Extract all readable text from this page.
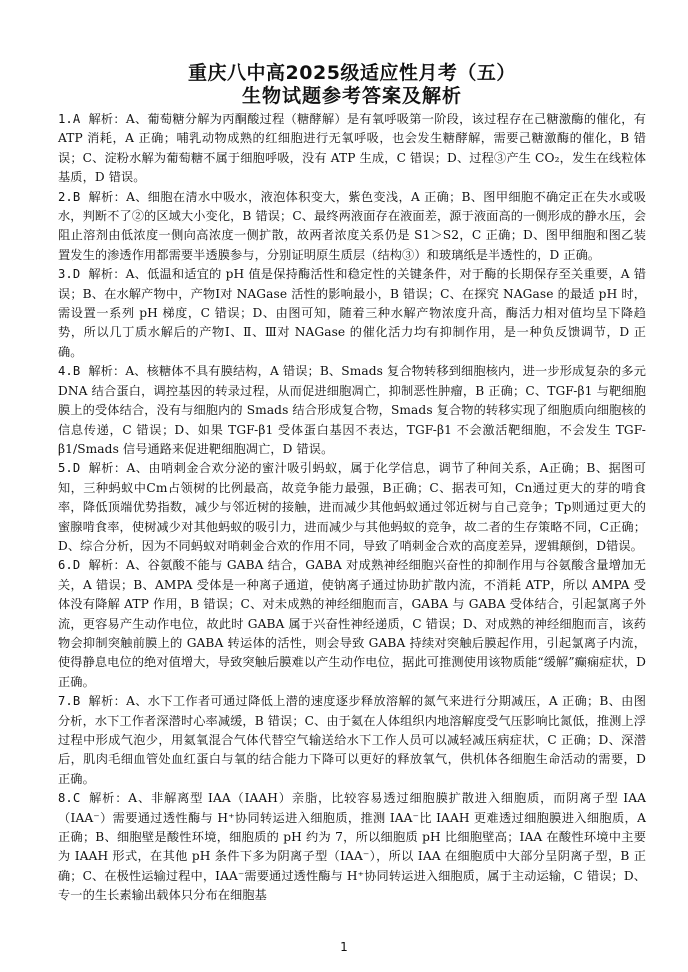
重庆八中高2025级适应性月考（五）
生物试题参考答案及解析

1.A 解析：A、葡萄糖分解为丙酮酸过程（糖酵解）是有氧呼吸第一阶段，该过程存在己糖激酶的催化，有 ATP 消耗，A 正确；哺乳动物成熟的红细胞进行无氧呼吸，也会发生糖酵解，需要己糖激酶的催化，B 错误；C、淀粉水解为葡萄糖不属于细胞呼吸，没有 ATP 生成，C 错误；D、过程③产生 CO₂，发生在线粒体基质，D 错误。

2.B 解析：A、细胞在清水中吸水，液泡体积变大，紫色变浅，A 正确；B、图甲细胞不确定正在失水或吸水，判断不了②的区域大小变化，B 错误；C、最终两液面存在液面差，源于液面高的一侧形成的静水压，会阻止溶剂由低浓度一侧向高浓度一侧扩散，故两者浓度关系仍是 S1＞S2，C 正确；D、图甲细胞和图乙装置发生的渗透作用都需要半透膜参与，分别证明原生质层（结构③）和玻璃纸是半透性的，D 正确。

3.D 解析：A、低温和适宜的 pH 值是保持酶活性和稳定性的关键条件，对于酶的长期保存至关重要，A 错误；B、在水解产物中，产物Ⅰ对 NAGase 活性的影响最小，B 错误；C、在探究 NAGase 的最适 pH 时，需设置一系列 pH 梯度，C 错误；D、由图可知，随着三种水解产物浓度升高，酶活力相对值均呈下降趋势，所以几丁质水解后的产物Ⅰ、Ⅱ、Ⅲ对 NAGase 的催化活力均有抑制作用，是一种负反馈调节，D 正确。

4.B 解析：A、核糖体不具有膜结构，A 错误；B、Smads 复合物转移到细胞核内，进一步形成复杂的多元 DNA 结合蛋白，调控基因的转录过程，从而促进细胞凋亡，抑制恶性肿瘤，B 正确；C、TGF-β1 与靶细胞膜上的受体结合，没有与细胞内的 Smads 结合形成复合物，Smads 复合物的转移实现了细胞质向细胞核的信息传递，C 错误；D、如果 TGF-β1 受体蛋白基因不表达，TGF-β1 不会激活靶细胞，不会发生 TGF-β1/Smads 信号通路来促进靶细胞凋亡，D 错误。

5.D 解析：A、由哨刺金合欢分泌的蜜汁吸引蚂蚁，属于化学信息，调节了种间关系，A正确；B、据图可知，三种蚂蚁中Cm占领树的比例最高，故竞争能力最强，B正确；C、据表可知，Cn通过更大的芽的啃食率，降低顶端优势指数，减少与邻近树的接触，进而减少其他蚂蚁通过邻近树与自己竞争；Tp则通过更大的蜜腺啃食率，使树减少对其他蚂蚁的吸引力，进而减少与其他蚂蚁的竞争，故二者的生存策略不同，C正确；D、综合分析，因为不同蚂蚁对哨刺金合欢的作用不同，导致了哨刺金合欢的高度差异，逻辑颠倒，D错误。

6.D 解析：A、谷氨酸不能与 GABA 结合，GABA 对成熟神经细胞兴奋性的抑制作用与谷氨酸含量增加无关，A 错误；B、AMPA 受体是一种离子通道，使钠离子通过协助扩散内流，不消耗 ATP，所以 AMPA 受体没有降解 ATP 作用，B 错误；C、对未成熟的神经细胞而言，GABA 与 GABA 受体结合，引起氯离子外流，更容易产生动作电位，故此时 GABA 属于兴奋性神经递质，C 错误；D、对成熟的神经细胞而言，该药物会抑制突触前膜上的 GABA 转运体的活性，则会导致 GABA 持续对突触后膜起作用，引起氯离子内流，使得静息电位的绝对值增大，导致突触后膜难以产生动作电位，据此可推测使用该物质能“缓解”癫痫症状，D 正确。

7.B 解析：A、水下工作者可通过降低上潜的速度逐步释放溶解的氮气来进行分期减压，A 正确；B、由图分析，水下工作者深潜时心率减缓，B 错误；C、由于氦在人体组织内地溶解度受气压影响比氮低，推测上浮过程中形成气泡少，用氦氧混合气体代替空气输送给水下工作人员可以减轻减压病症状，C 正确；D、深潜后，肌肉毛细血管处血红蛋白与氧的结合能力下降可以更好的释放氧气，供机体各细胞生命活动的需要，D 正确。

8.C 解析：A、非解离型 IAA（IAAH）亲脂，比较容易透过细胞膜扩散进入细胞质，而阴离子型 IAA（IAA⁻）需要通过透性酶与 H⁺协同转运进入细胞质，推测 IAA⁻比 IAAH 更难透过细胞膜进入细胞质，A 正确；B、细胞壁是酸性环境，细胞质的 pH 约为 7，所以细胞质 pH 比细胞壁高；IAA 在酸性环境中主要为 IAAH 形式，在其他 pH 条件下多为阴离子型（IAA⁻），所以 IAA 在细胞质中大部分呈阴离子型，B 正确；C、在极性运输过程中，IAA⁻需要通过透性酶与 H⁺协同转运进入细胞质，属于主动运输，C 错误；D、专一的生长素输出载体只分布在细胞基

1
